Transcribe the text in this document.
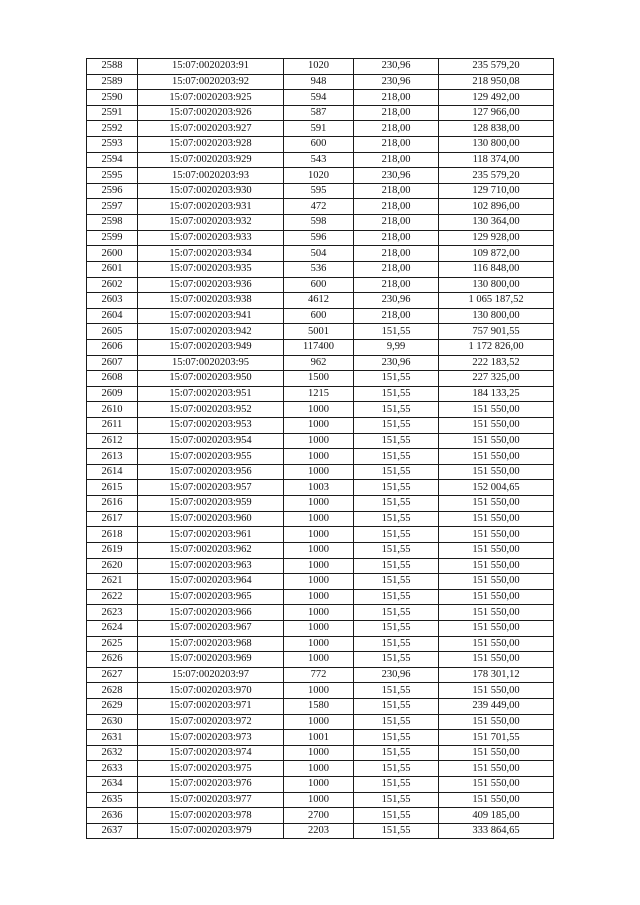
2588	15:07:0020203:91	1020	230,96	235 579,20
2589	15:07:0020203:92	948	230,96	218 950,08
2590	15:07:0020203:925	594	218,00	129 492,00
2591	15:07:0020203:926	587	218,00	127 966,00
2592	15:07:0020203:927	591	218,00	128 838,00
2593	15:07:0020203:928	600	218,00	130 800,00
2594	15:07:0020203:929	543	218,00	118 374,00
2595	15:07:0020203:93	1020	230,96	235 579,20
2596	15:07:0020203:930	595	218,00	129 710,00
2597	15:07:0020203:931	472	218,00	102 896,00
2598	15:07:0020203:932	598	218,00	130 364,00
2599	15:07:0020203:933	596	218,00	129 928,00
2600	15:07:0020203:934	504	218,00	109 872,00
2601	15:07:0020203:935	536	218,00	116 848,00
2602	15:07:0020203:936	600	218,00	130 800,00
2603	15:07:0020203:938	4612	230,96	1 065 187,52
2604	15:07:0020203:941	600	218,00	130 800,00
2605	15:07:0020203:942	5001	151,55	757 901,55
2606	15:07:0020203:949	117400	9,99	1 172 826,00
2607	15:07:0020203:95	962	230,96	222 183,52
2608	15:07:0020203:950	1500	151,55	227 325,00
2609	15:07:0020203:951	1215	151,55	184 133,25
2610	15:07:0020203:952	1000	151,55	151 550,00
2611	15:07:0020203:953	1000	151,55	151 550,00
2612	15:07:0020203:954	1000	151,55	151 550,00
2613	15:07:0020203:955	1000	151,55	151 550,00
2614	15:07:0020203:956	1000	151,55	151 550,00
2615	15:07:0020203:957	1003	151,55	152 004,65
2616	15:07:0020203:959	1000	151,55	151 550,00
2617	15:07:0020203:960	1000	151,55	151 550,00
2618	15:07:0020203:961	1000	151,55	151 550,00
2619	15:07:0020203:962	1000	151,55	151 550,00
2620	15:07:0020203:963	1000	151,55	151 550,00
2621	15:07:0020203:964	1000	151,55	151 550,00
2622	15:07:0020203:965	1000	151,55	151 550,00
2623	15:07:0020203:966	1000	151,55	151 550,00
2624	15:07:0020203:967	1000	151,55	151 550,00
2625	15:07:0020203:968	1000	151,55	151 550,00
2626	15:07:0020203:969	1000	151,55	151 550,00
2627	15:07:0020203:97	772	230,96	178 301,12
2628	15:07:0020203:970	1000	151,55	151 550,00
2629	15:07:0020203:971	1580	151,55	239 449,00
2630	15:07:0020203:972	1000	151,55	151 550,00
2631	15:07:0020203:973	1001	151,55	151 701,55
2632	15:07:0020203:974	1000	151,55	151 550,00
2633	15:07:0020203:975	1000	151,55	151 550,00
2634	15:07:0020203:976	1000	151,55	151 550,00
2635	15:07:0020203:977	1000	151,55	151 550,00
2636	15:07:0020203:978	2700	151,55	409 185,00
2637	15:07:0020203:979	2203	151,55	333 864,65
